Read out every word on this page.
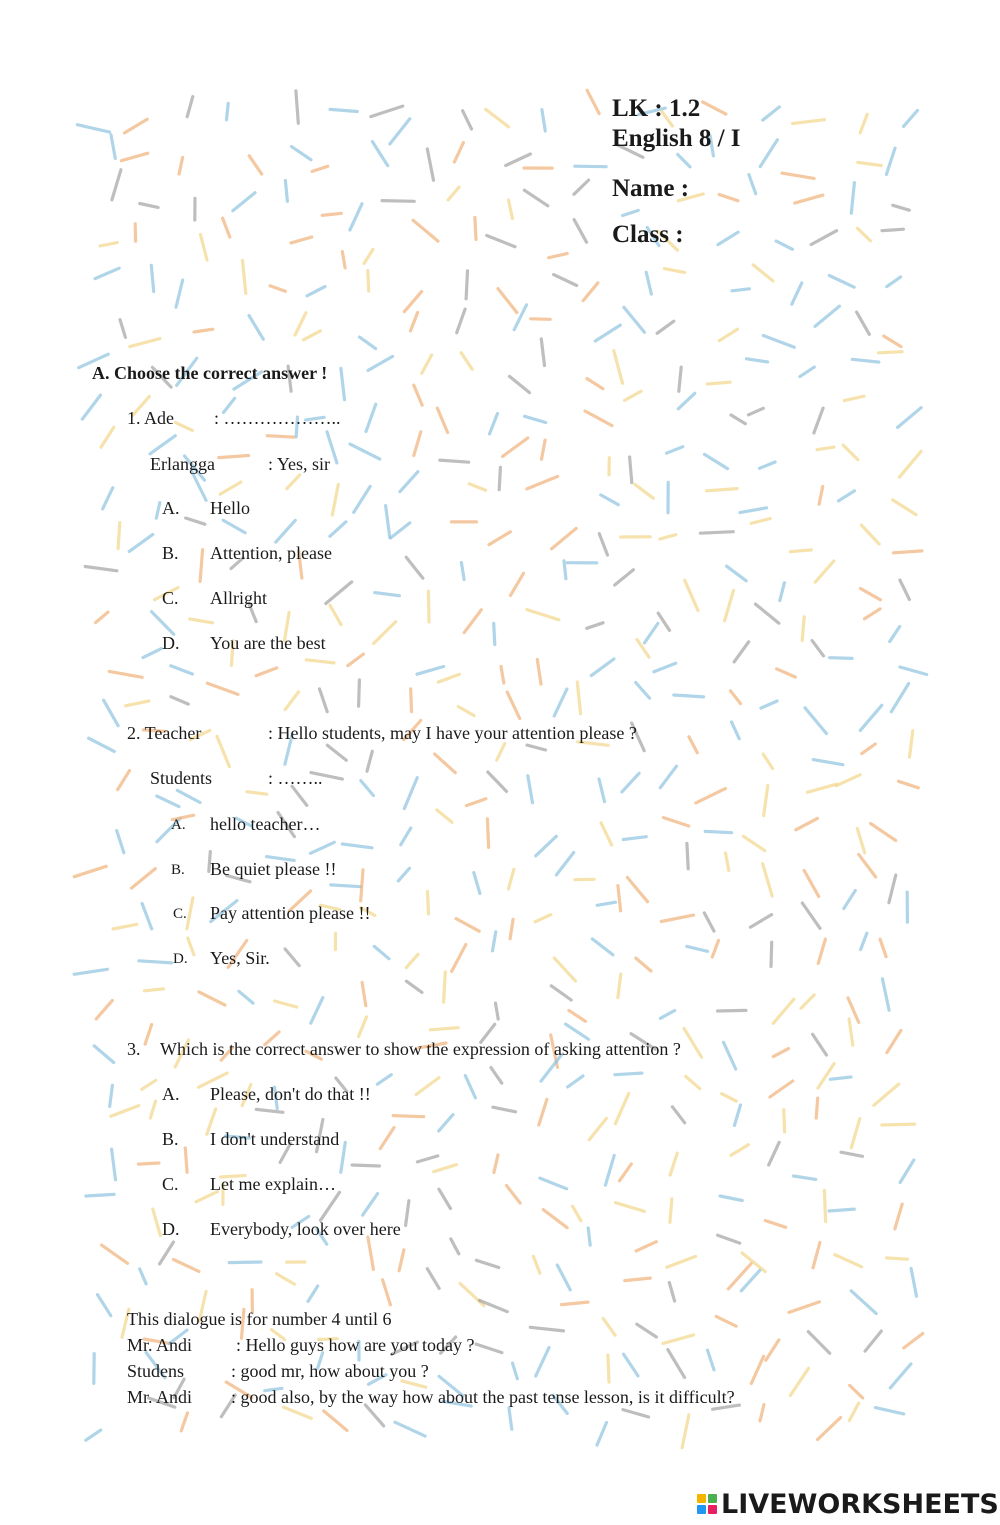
LK : 1.2
English 8 / I
Name :
Class :
A. Choose the correct answer !
1. Ade : ………………..
Erlangga	: Yes, sir
A. Hello
B. Attention, please
C. Allright
D. You are the best
2. Teacher	: Hello students, may I have your attention please ?
Students	: ……..
A. hello teacher…
B. Be quiet please !!
C. Pay attention please !!
D. Yes, Sir.
3. Which is the correct answer to show the expression of asking attention ?
A. Please, don't do that !!
B. I don't understand
C. Let me explain…
D. Everybody, look over here
This dialogue is for number 4 until 6
Mr. Andi : Hello guys how are you today ?
Studens	: good mr, how about you ?
Mr. Andi : good also, by the way how about the past tense lesson, is it difficult?
LIVEWORKSHEETS
